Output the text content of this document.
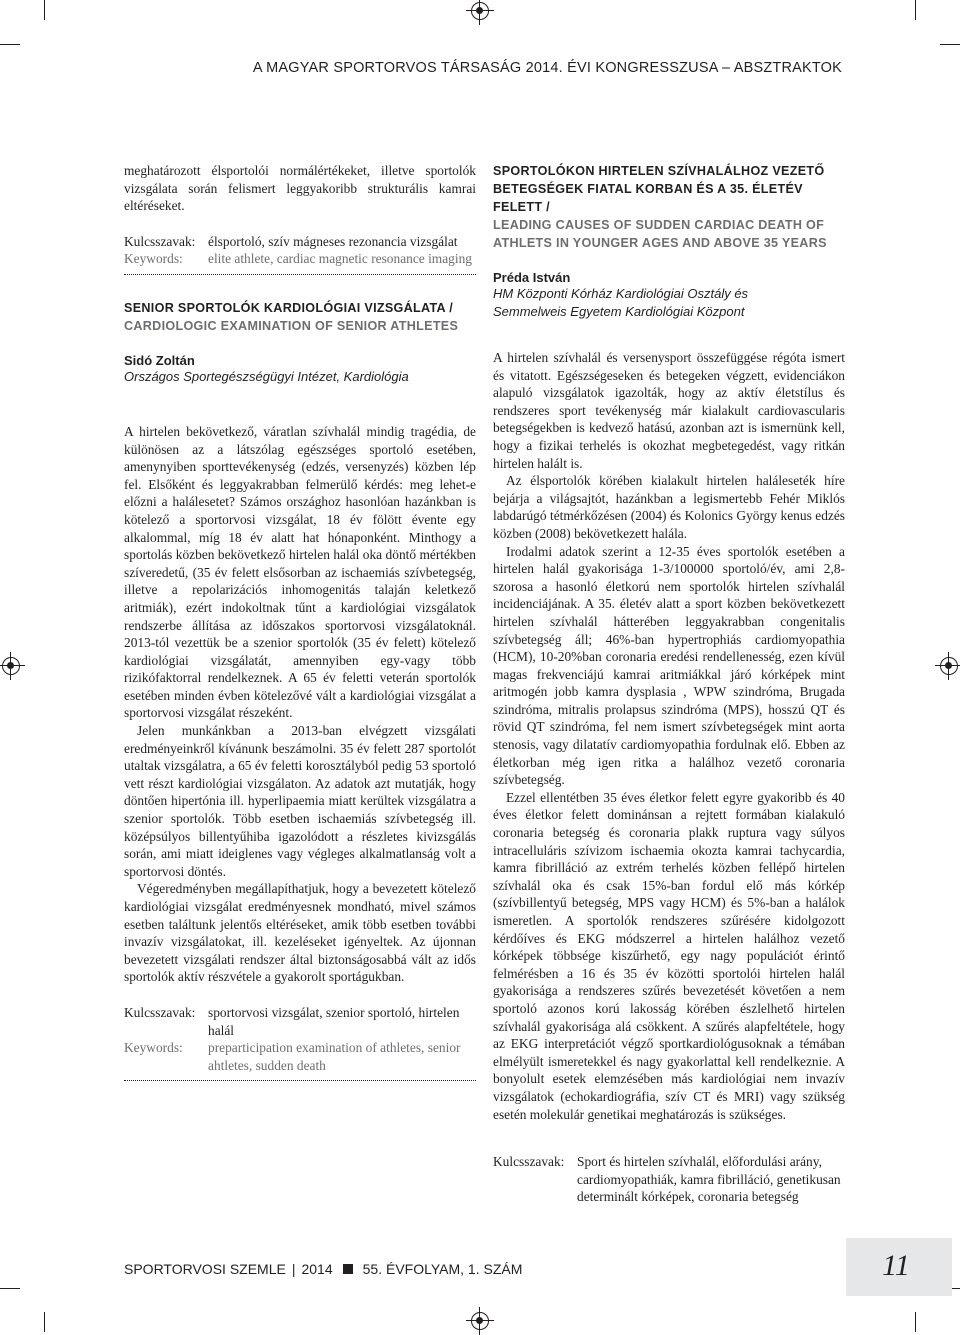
A MAGYAR SPORTORVOS TÁRSASÁG 2014. ÉVI KONGRESSZUSA – ABSZTRAKTOK

meghatározott élsportolói normálértékeket, illetve sportolók vizsgálata során felismert leggyakoribb strukturális kamrai eltéréseket.

Kulcsszavak: élsportoló, szív mágneses rezonancia vizsgálat
Keywords:	elite athlete, cardiac magnetic resonance imaging
SENIOR SPORTOLÓK KARDIOLÓGIAI VIZSGÁLATA /
CARDIOLOGIC EXAMINATION OF SENIOR ATHLETES
Sidó Zoltán
Országos Sportegészségügyi Intézet, Kardiológia

A hirtelen bekövetkező, váratlan szívhalál mindig tragédia, de különösen az a látszólag egészséges sportoló esetében, amenynyiben sporttevékenység (edzés, versenyzés) közben lép fel. Elsőként és leggyakrabban felmerülő kérdés: meg lehet-e előzni a halálesetet? Számos országhoz hasonlóan hazánkban is kötelező a sportorvosi vizsgálat, 18 év fölött évente egy alkalommal, míg 18 év alatt hat hónaponként. Minthogy a sportolás közben bekövetkező hirtelen halál oka döntő mértékben szíveredetű, (35 év felett elsősorban az ischaemiás szívbetegség, illetve a repolarizációs inhomogenitás talaján keletkező aritmiák), ezért indokoltnak tűnt a kardiológiai vizsgálatok rendszerbe állítása az időszakos sportorvosi vizsgálatoknál. 2013-tól vezettük be a szenior sportolók (35 év felett) kötelező kardiológiai vizsgálatát, amennyiben egy-vagy több rizikófaktorral rendelkeznek. A 65 év feletti veterán sportolók esetében minden évben kötelezővé vált a kardiológiai vizsgálat a sportorvosi vizsgálat részeként.

Jelen munkánkban a 2013-ban elvégzett vizsgálati eredményeinkről kívánunk beszámolni. 35 év felett 287 sportolót utaltak vizsgálatra, a 65 év feletti korosztályból pedig 53 sportoló vett részt kardiológiai vizsgálaton. Az adatok azt mutatják, hogy döntően hipertónia ill. hyperlipaemia miatt kerültek vizsgálatra a szenior sportolók. Több esetben ischaemiás szívbetegség ill. középsúlyos billentyűhiba igazolódott a részletes kivizsgálás során, ami miatt ideiglenes vagy végleges alkalmatlanság volt a sportorvosi döntés.

Végeredményben megállapíthatjuk, hogy a bevezetett kötelező kardiológiai vizsgálat eredményesnek mondható, mivel számos esetben találtunk jelentős eltéréseket, amik több esetben további invazív vizsgálatokat, ill. kezeléseket igényeltek. Az újonnan bevezetett vizsgálati rendszer által biztonságosabbá vált az idős sportolók aktív részvétele a gyakorolt sportágukban.

Kulcsszavak: sportorvosi vizsgálat, szenior sportoló, hirtelen halál
Keywords:	preparticipation examination of athletes, senior ahtletes, sudden death
SPORTOLÓKON HIRTELEN SZÍVHALÁLHOZ VEZETŐ BETEGSÉGEK FIATAL KORBAN ÉS A 35. ÉLETÉV FELETT /
LEADING CAUSES OF SUDDEN CARDIAC DEATH OF ATHLETS IN YOUNGER AGES AND ABOVE 35 YEARS
Préda István
HM Központi Kórház Kardiológiai Osztály és
Semmelweis Egyetem Kardiológiai Központ

A hirtelen szívhalál és versenysport összefüggése régóta ismert és vitatott. Egészségeseken és betegeken végzett, evidenciákon alapuló vizsgálatok igazolták, hogy az aktív életstílus és rendszeres sport tevékenység már kialakult cardiovascularis betegségekben is kedvező hatású, azonban azt is ismernünk kell, hogy a fizikai terhelés is okozhat megbetegedést, vagy ritkán hirtelen halált is.

Az élsportolók körében kialakult hirtelen haláleseték híre bejárja a világsajtót, hazánkban a legismertebb Fehér Miklós labdarúgó tétmérkőzésen (2004) és Kolonics György kenus edzés közben (2008) bekövetkezett halála.

Irodalmi adatok szerint a 12-35 éves sportolók esetében a hirtelen halál gyakorisága 1-3/100000 sportoló/év, ami 2,8-szorosa a hasonló életkorú nem sportolók hirtelen szívhalál incidenciájának. A 35. életév alatt a sport közben bekövetkezett hirtelen szívhalál hátterében leggyakrabban congenitalis szívbetegség áll; 46%-ban hypertrophiás cardiomyopathia (HCM), 10-20%ban coronaria eredési rendellenesség, ezen kívül magas frekvenciájú kamrai aritmiákkal járó kórképek mint aritmogén jobb kamra dysplasia , WPW szindróma, Brugada szindróma, mitralis prolapsus szindróma (MPS), hosszú QT és rövid QT szindróma, fel nem ismert szívbetegségek mint aorta stenosis, vagy dilatatív cardiomyopathia fordulnak elő. Ebben az életkorban még igen ritka a halálhoz vezető coronaria szívbetegség.

Ezzel ellentétben 35 éves életkor felett egyre gyakoribb és 40 éves életkor felett dominánsan a rejtett formában kialakuló coronaria betegség és coronaria plakk ruptura vagy súlyos intracelluláris szívizom ischaemia okozta kamrai tachycardia, kamra fibrilláció az extrém terhelés közben fellépő hirtelen szívhalál oka és csak 15%-ban fordul elő más kórkép (szívbillentyű betegség, MPS vagy HCM) és 5%-ban a halálok ismeretlen. A sportolók rendszeres szűrésére kidolgozott kérdőíves és EKG módszerrel a hirtelen halálhoz vezető kórképek többsége kiszűrhető, egy nagy populációt érintő felmérésben a 16 és 35 év közötti sportolói hirtelen halál gyakorisága a rendszeres szűrés bevezetését követően a nem sportoló azonos korú lakosság körében észlelhető hirtelen szívhalál gyakorisága alá csökkent. A szűrés alapfeltétele, hogy az EKG interpretációt végző sportkardiológusoknak a témában elmélyült ismeretekkel és nagy gyakorlattal kell rendelkeznie. A bonyolult esetek elemzésében más kardiológiai nem invazív vizsgálatok (echokardiográfia, szív CT és MRI) vagy szükség esetén molekulár genetikai meghatározás is szükséges.

Kulcsszavak: Sport és hirtelen szívhalál, előfordulási arány, cardiomyopathiák, kamra fibrilláció, genetikusan determinált kórképek, coronaria betegség
SPORTORVOSI SZEMLE | 2014 55. ÉVFOLYAM, 1. SZÁM	11
